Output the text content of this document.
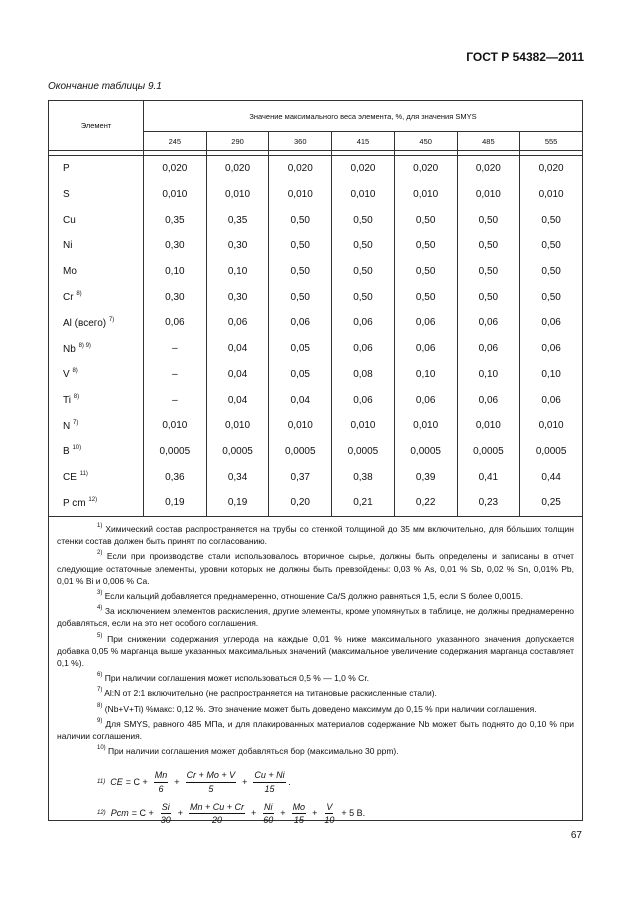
ГОСТ Р 54382—2011
Окончание таблицы 9.1
Элемент	Значение максимального веса элемента, %, для значения SMYS						
	245	290	360	415	450	485	555

P	0,020	0,020	0,020	0,020	0,020	0,020	0,020
S	0,010	0,010	0,010	0,010	0,010	0,010	0,010
Cu	0,35	0,35	0,50	0,50	0,50	0,50	0,50
Ni	0,30	0,30	0,50	0,50	0,50	0,50	0,50
Mo	0,10	0,10	0,50	0,50	0,50	0,50	0,50
Cr $^{8)}$	0,30	0,30	0,50	0,50	0,50	0,50	0,50
Al (всего) $^{7)}$	0,06	0,06	0,06	0,06	0,06	0,06	0,06
Nb $^{8) 9)}$	–	0,04	0,05	0,06	0,06	0,06	0,06
V $^{8)}$	–	0,04	0,05	0,08	0,10	0,10	0,10
Ti $^{8)}$	–	0,04	0,04	0,06	0,06	0,06	0,06
N $^{7)}$	0,010	0,010	0,010	0,010	0,010	0,010	0,010
B $^{10)}$	0,0005	0,0005	0,0005	0,0005	0,0005	0,0005	0,0005
CE $^{11)}$	0,36	0,34	0,37	0,38	0,39	0,41	0,44
P cm $^{12)}$	0,19	0,19	0,20	0,21	0,22	0,23	0,25

$^{1)}$ Химический состав распространяется на трубы со стенкой толщиной до 35 мм включительно, для бо́льших толщин стенки состав должен быть принят по согласованию.

$^{2)}$ Если при производстве стали использовалось вторичное сырье, должны быть определены и записаны в отчет следующие остаточные элементы, уровни которых не должны быть превзойдены: 0,03 % As, 0,01 % Sb, 0,02 % Sn, 0,01% Pb, 0,01 % Bi и 0,006 % Ca.

$^{3)}$ Если кальций добавляется преднамеренно, отношение Ca/S должно равняться 1,5, если S более 0,0015.

$^{4)}$ За исключением элементов раскисления, другие элементы, кроме упомянутых в таблице, не должны преднамеренно добавляться, если на это нет особого соглашения.

$^{5)}$ При снижении содержания углерода на каждые 0,01 % ниже максимального указанного значения допускается добавка 0,05 % марганца выше указанных максимальных значений (максимальное увеличение содержания марганца составляет 0,1 %).

$^{6)}$ При наличии соглашения может использоваться 0,5 % — 1,0 % Cr.

$^{7)}$ Al:N от 2:1 включительно (не распространяется на титановые раскисленные стали).

$^{8)}$ (Nb+V+Ti) %макс: 0,12 %. Это значение может быть доведено максимум до 0,15 % при наличии соглашения.

$^{9)}$ Для SMYS, равного 485 МПа, и для плакированных материалов содержание Nb может быть поднято до 0,10 % при наличии соглашения.

$^{10)}$ При наличии соглашения может добавляться бор (максимально 30 ppm).

11)
CE = $C + \frac{Mn}{6} + \frac{Cr + Mo + V}{5} + \frac{Cu + Ni}{15}$ .
12)
Pcm = $C + \frac{Si}{30} + \frac{Mn + Cu + Cr}{20} + \frac{Ni}{60} + \frac{Mo}{15} + \frac{V}{10} + 5$ B.
67
